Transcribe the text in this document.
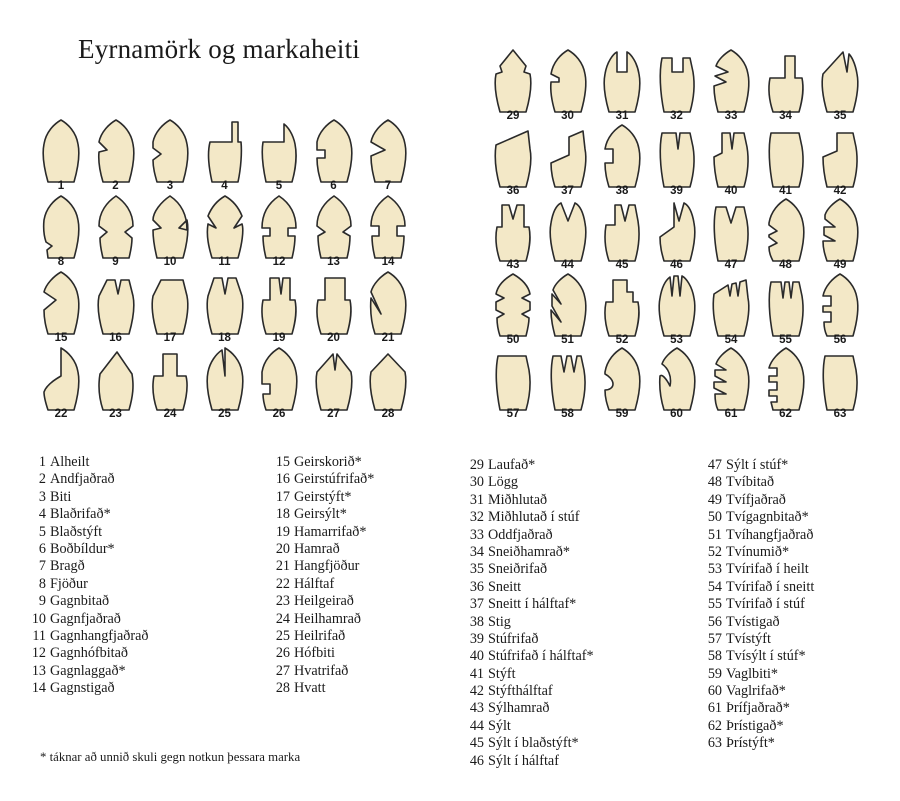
Eyrnamörk og markaheiti
1	2	3	4	5	6	7
8	9	10	11	12	13	14
15	16	17	18	19	20	21
22	23	24	25	26	27	28
29	30	31	32	33	34	35
36	37	38	39	40	41	42
43	44	45	46	47	48	49
50	51	52	53	54	55	56
57	58	59	60	61	62	63
1 Alheilt
2 Andfjaðrað
3 Biti
4 Blaðrifað*
5 Blaðstýft
6 Boðbíldur*
7 Bragð
8 Fjöður
9 Gagnbitað
10 Gagnfjaðrað
11 Gagnhangfjaðrað
12 Gagnhófbitað
13 Gagnlaggað*
14 Gagnstigað
15 Geirskorið*
16 Geirstúfrifað*
17 Geirstýft*
18 Geirsýlt*
19 Hamarrifað*
20 Hamrað
21 Hangfjöður
22 Hálftaf
23 Heilgeirað
24 Heilhamrað
25 Heilrifað
26 Hófbiti
27 Hvatrifað
28 Hvatt
29 Laufað*
30 Lögg
31 Miðhlutað
32 Miðhlutað í stúf
33 Oddfjaðrað
34 Sneiðhamrað*
35 Sneiðrifað
36 Sneitt
37 Sneitt í hálftaf*
38 Stig
39 Stúfrifað
40 Stúfrifað í hálftaf*
41 Stýft
42 Stýfthálftaf
43 Sýlhamrað
44 Sýlt
45 Sýlt í blaðstýft*
46 Sýlt í hálftaf
47 Sýlt í stúf*
48 Tvíbitað
49 Tvífjaðrað
50 Tvígagnbitað*
51 Tvíhangfjaðrað
52 Tvínumið*
53 Tvírifað í heilt
54 Tvírifað í sneitt
55 Tvírifað í stúf
56 Tvístigað
57 Tvístýft
58 Tvísýlt í stúf*
59 Vaglbiti*
60 Vaglrifað*
61 Þrífjaðrað*
62 Þrístigað*
63 Þrístýft*

* táknar að unnið skuli gegn notkun þessara marka
